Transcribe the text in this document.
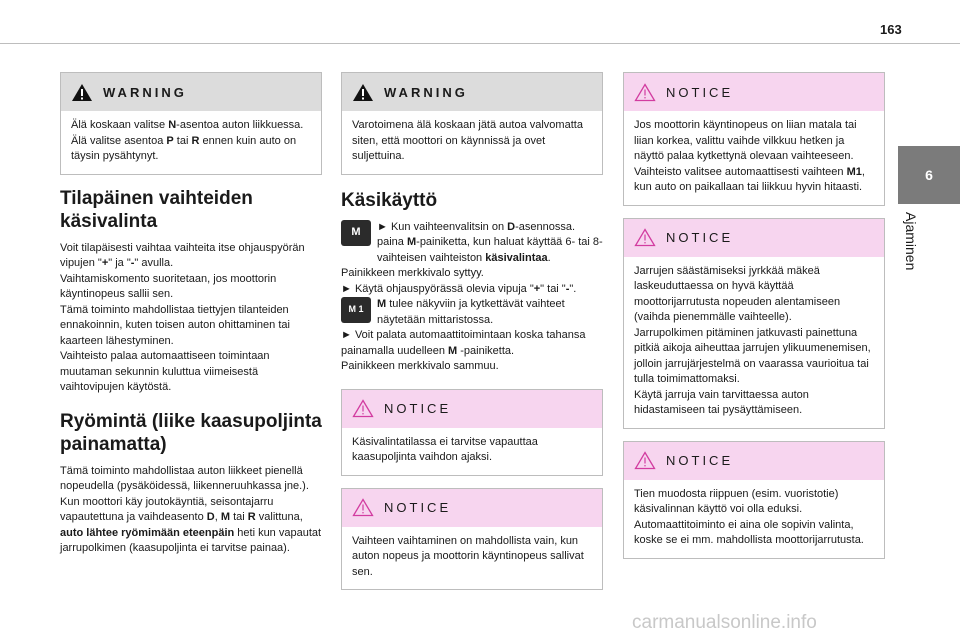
163
6
Ajaminen
WARNING
Älä koskaan valitse N-asentoa auton liikkuessa.
Älä valitse asentoa P tai R ennen kuin auto on täysin pysähtynyt.
Tilapäinen vaihteiden käsivalinta
Voit tilapäisesti vaihtaa vaihteita itse ohjauspyörän vipujen "+" ja "-" avulla.
Vaihtamiskomento suoritetaan, jos moottorin käyntinopeus sallii sen.
Tämä toiminto mahdollistaa tiettyjen tilanteiden ennakoinnin, kuten toisen auton ohittaminen tai kaarteen lähestyminen.
Vaihteisto palaa automaattiseen toimintaan muutaman sekunnin kuluttua viimeisestä vaihtovipujen käytöstä.
Ryömintä (liike kaasupoljinta painamatta)
Tämä toiminto mahdollistaa auton liikkeet pienellä nopeudella (pysäköidessä, liikenneruuhkassa jne.).
Kun moottori käy joutokäyntiä, seisontajarru vapautettuna ja vaihdeasento D, M tai R valittuna, auto lähtee ryömimään eteenpäin heti kun vapautat jarrupolkimen (kaasupoljinta ei tarvitse painaa).
WARNING
Varotoimena älä koskaan jätä autoa valvomatta siten, että moottori on käynnissä ja ovet suljettuina.
Käsikäyttö
M ► Kun vaihteenvalitsin on D-asennossa. paina M-painiketta, kun haluat käyttää 6- tai 8-vaihteisen vaihteiston käsivalintaa.
Painikkeen merkkivalo syttyy.
► Käytä ohjauspyörässä olevia vipuja "+" tai "-".
M 1 M tulee näkyviin ja kytkettävät vaihteet näytetään mittaristossa.
► Voit palata automaattitoimintaan koska tahansa painamalla uudelleen M -painiketta.
Painikkeen merkkivalo sammuu.
NOTICE
Käsivalintatilassa ei tarvitse vapauttaa kaasupoljinta vaihdon ajaksi.
NOTICE
Vaihteen vaihtaminen on mahdollista vain, kun auton nopeus ja moottorin käyntinopeus sallivat sen.
NOTICE
Jos moottorin käyntinopeus on liian matala tai liian korkea, valittu vaihde vilkkuu hetken ja näyttö palaa kytkettynä olevaan vaihteeseen.
Vaihteisto valitsee automaattisesti vaihteen M1, kun auto on paikallaan tai liikkuu hyvin hitaasti.
NOTICE
Jarrujen säästämiseksi jyrkkää mäkeä laskeuduttaessa on hyvä käyttää moottorijarrutusta nopeuden alentamiseen (vaihda pienemmälle vaihteelle).
Jarrupolkimen pitäminen jatkuvasti painettuna pitkiä aikoja aiheuttaa jarrujen ylikuumenemisen, jolloin jarrujärjestelmä on vaarassa vaurioitua tai tulla toimimattomaksi.
Käytä jarruja vain tarvittaessa auton hidastamiseen tai pysäyttämiseen.
NOTICE
Tien muodosta riippuen (esim. vuoristotie) käsivalinnan käyttö voi olla eduksi.
Automaattitoiminto ei aina ole sopivin valinta, koske se ei mm. mahdollista moottorijarrutusta.
carmanualsonline.info
